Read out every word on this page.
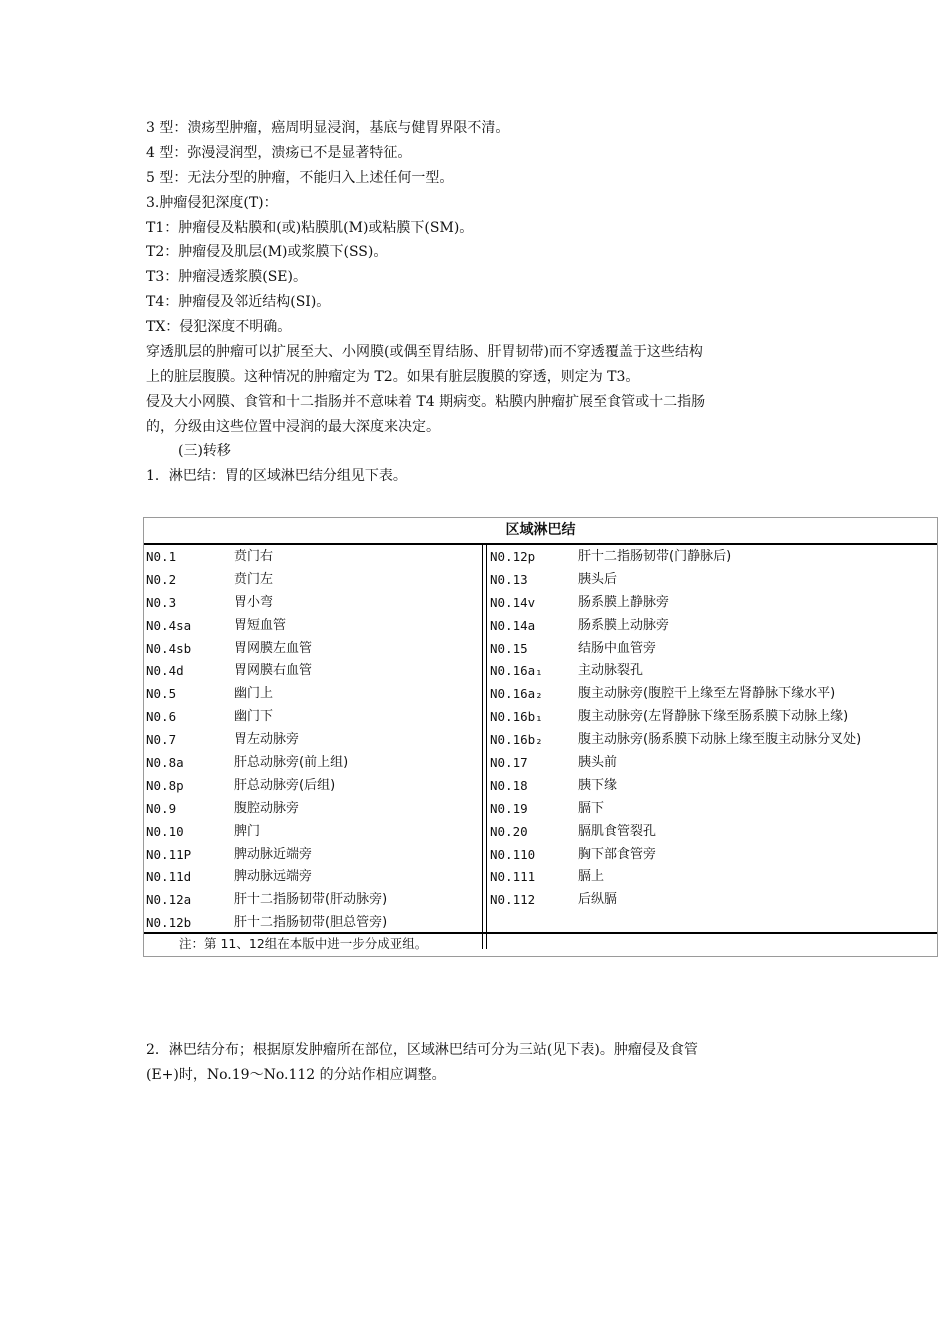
3 型：溃疡型肿瘤，癌周明显浸润，基底与健胃界限不清。
4 型：弥漫浸润型，溃疡已不是显著特征。
5 型：无法分型的肿瘤，不能归入上述任何一型。
3.肿瘤侵犯深度(T)：
T1：肿瘤侵及粘膜和(或)粘膜肌(M)或粘膜下(SM)。
T2：肿瘤侵及肌层(M)或浆膜下(SS)。
T3：肿瘤浸透浆膜(SE)。
T4：肿瘤侵及邻近结构(SI)。
TX：侵犯深度不明确。
穿透肌层的肿瘤可以扩展至大、小网膜(或偶至胃结肠、肝胃韧带)而不穿透覆盖于这些结构
上的脏层腹膜。这种情况的肿瘤定为 T2。如果有脏层腹膜的穿透，则定为 T3。
侵及大小网膜、食管和十二指肠并不意味着 T4 期病变。粘膜内肿瘤扩展至食管或十二指肠
的，分级由这些位置中浸润的最大深度来决定。
(三)转移
1．淋巴结：胃的区域淋巴结分组见下表。
区域淋巴结
N0.1	贲门右
N0.2	贲门左
N0.3	胃小弯
N0.4sa	胃短血管
N0.4sb	胃网膜左血管
N0.4d	胃网膜右血管
N0.5	幽门上
N0.6	幽门下
N0.7	胃左动脉旁
N0.8a	肝总动脉旁(前上组)
N0.8p	肝总动脉旁(后组)
N0.9	腹腔动脉旁
N0.10	脾门
N0.11P	脾动脉近端旁
N0.11d	脾动脉远端旁
N0.12a	肝十二指肠韧带(肝动脉旁)
N0.12b	肝十二指肠韧带(胆总管旁)
N0.12p	肝十二指肠韧带(门静脉后)
N0.13	胰头后
N0.14v	肠系膜上静脉旁
N0.14a	肠系膜上动脉旁
N0.15	结肠中血管旁
N0.16a₁	主动脉裂孔
N0.16a₂	腹主动脉旁(腹腔干上缘至左肾静脉下缘水平)
N0.16b₁	腹主动脉旁(左肾静脉下缘至肠系膜下动脉上缘)
N0.16b₂	腹主动脉旁(肠系膜下动脉上缘至腹主动脉分叉处)
N0.17	胰头前
N0.18	胰下缘
N0.19	膈下
N0.20	膈肌食管裂孔
N0.110	胸下部食管旁
N0.111	膈上
N0.112	后纵膈
注：第 11、12组在本版中进一步分成亚组。
2．淋巴结分布；根据原发肿瘤所在部位，区域淋巴结可分为三站(见下表)。肿瘤侵及食管
(E+)时，No.19～No.112 的分站作相应调整。
